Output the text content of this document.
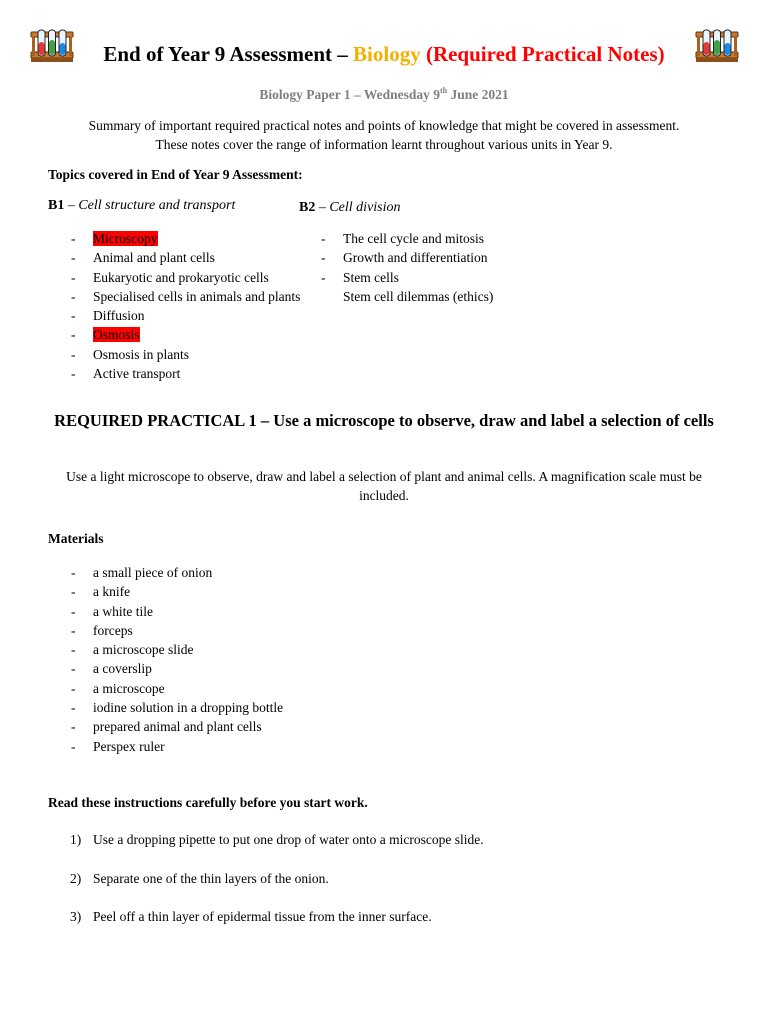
End of Year 9 Assessment – Biology (Required Practical Notes)
Biology Paper 1 – Wednesday 9th June 2021
Summary of important required practical notes and points of knowledge that might be covered in assessment. These notes cover the range of information learnt throughout various units in Year 9.
Topics covered in End of Year 9 Assessment:
B1 – Cell structure and transport	B2 – Cell division
- Microscopy
- Animal and plant cells
- Eukaryotic and prokaryotic cells
- Specialised cells in animals and plants
- Diffusion
- Osmosis
- Osmosis in plants
- Active transport
- The cell cycle and mitosis
- Growth and differentiation
- Stem cells
Stem cell dilemmas (ethics)
REQUIRED PRACTICAL 1 – Use a microscope to observe, draw and label a selection of cells
Use a light microscope to observe, draw and label a selection of plant and animal cells. A magnification scale must be included.
Materials
- a small piece of onion
- a knife
- a white tile
- forceps
- a microscope slide
- a coverslip
- a microscope
- iodine solution in a dropping bottle
- prepared animal and plant cells
- Perspex ruler
Read these instructions carefully before you start work.
1) Use a dropping pipette to put one drop of water onto a microscope slide.
2) Separate one of the thin layers of the onion.
3) Peel off a thin layer of epidermal tissue from the inner surface.
